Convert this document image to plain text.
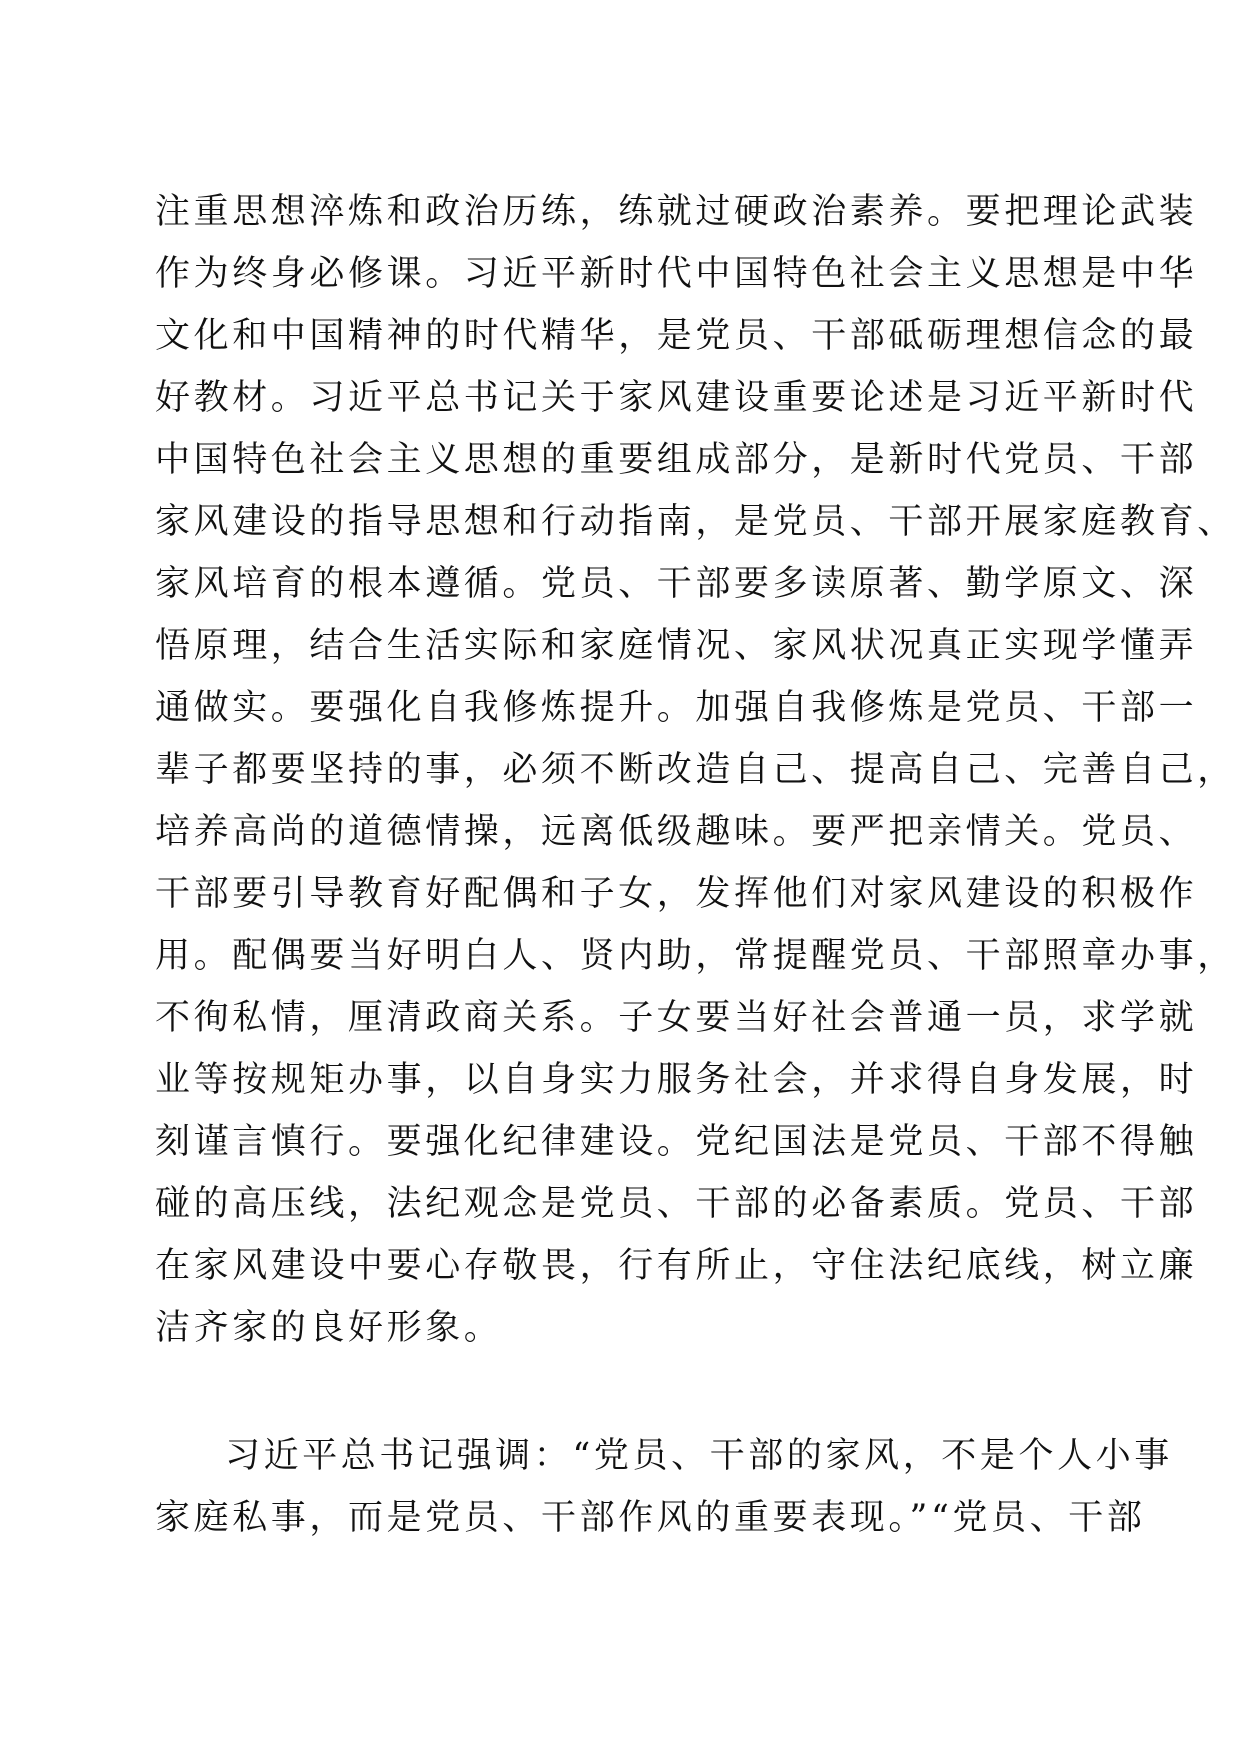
注重思想淬炼和政治历练，练就过硬政治素养。要把理论武装
作为终身必修课。习近平新时代中国特色社会主义思想是中华
文化和中国精神的时代精华，是党员、干部砥砺理想信念的最
好教材。习近平总书记关于家风建设重要论述是习近平新时代
中国特色社会主义思想的重要组成部分，是新时代党员、干部
家风建设的指导思想和行动指南，是党员、干部开展家庭教育、
家风培育的根本遵循。党员、干部要多读原著、勤学原文、深
悟原理，结合生活实际和家庭情况、家风状况真正实现学懂弄
通做实。要强化自我修炼提升。加强自我修炼是党员、干部一
辈子都要坚持的事，必须不断改造自己、提高自己、完善自己，
培养高尚的道德情操，远离低级趣味。要严把亲情关。党员、
干部要引导教育好配偶和子女，发挥他们对家风建设的积极作
用。配偶要当好明白人、贤内助，常提醒党员、干部照章办事，
不徇私情，厘清政商关系。子女要当好社会普通一员，求学就
业等按规矩办事，以自身实力服务社会，并求得自身发展，时
刻谨言慎行。要强化纪律建设。党纪国法是党员、干部不得触
碰的高压线，法纪观念是党员、干部的必备素质。党员、干部
在家风建设中要心存敬畏，行有所止，守住法纪底线，树立廉
洁齐家的良好形象。
习近平总书记强调：“党员、干部的家风，不是个人小事
家庭私事，而是党员、干部作风的重要表现。”“党员、干部
